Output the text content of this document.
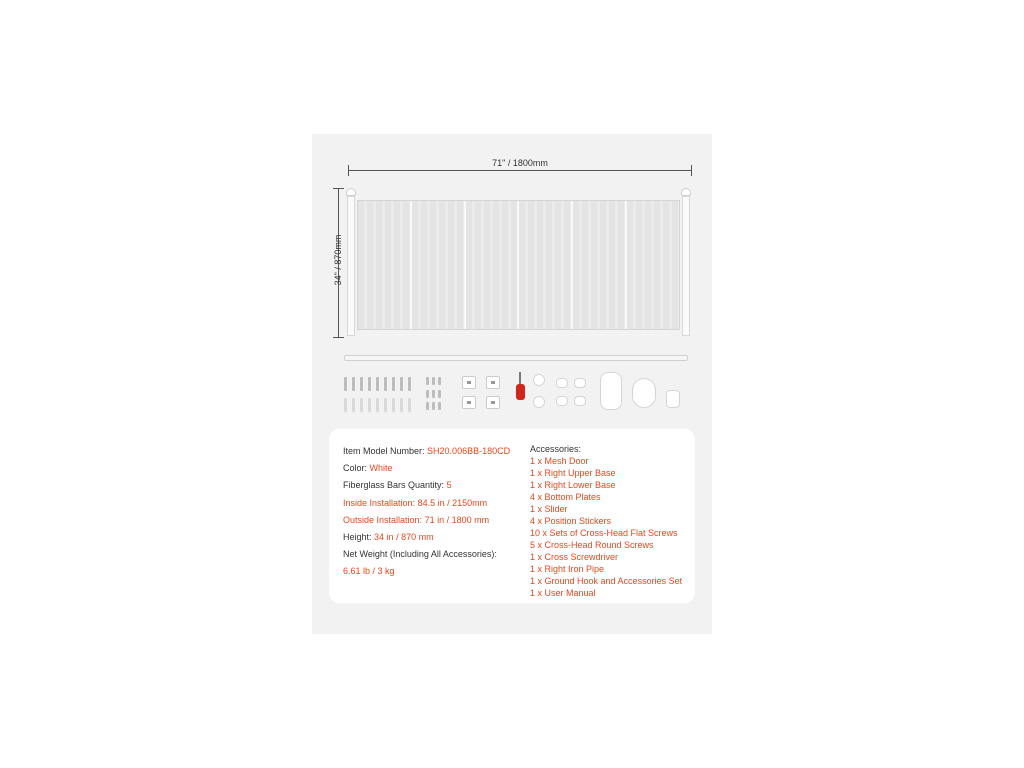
71" / 1800mm
34" / 870mm
Item Model Number: SH20.006BB-180CD
Color: White
Fiberglass Bars Quantity: 5
Inside Installation: 84.5 in / 2150mm
Outside Installation: 71 in / 1800 mm
Height: 34 in / 870 mm
Net Weight (Including All Accessories):
6.61 lb / 3 kg
Accessories:
1 x Mesh Door
1 x Right Upper Base
1 x Right Lower Base
4 x Bottom Plates
1 x Slider
4 x Position Stickers
10 x Sets of Cross-Head Flat Screws
5 x Cross-Head Round Screws
1 x Cross Screwdriver
1 x Right Iron Pipe
1 x Ground Hook and Accessories Set
1 x User Manual
